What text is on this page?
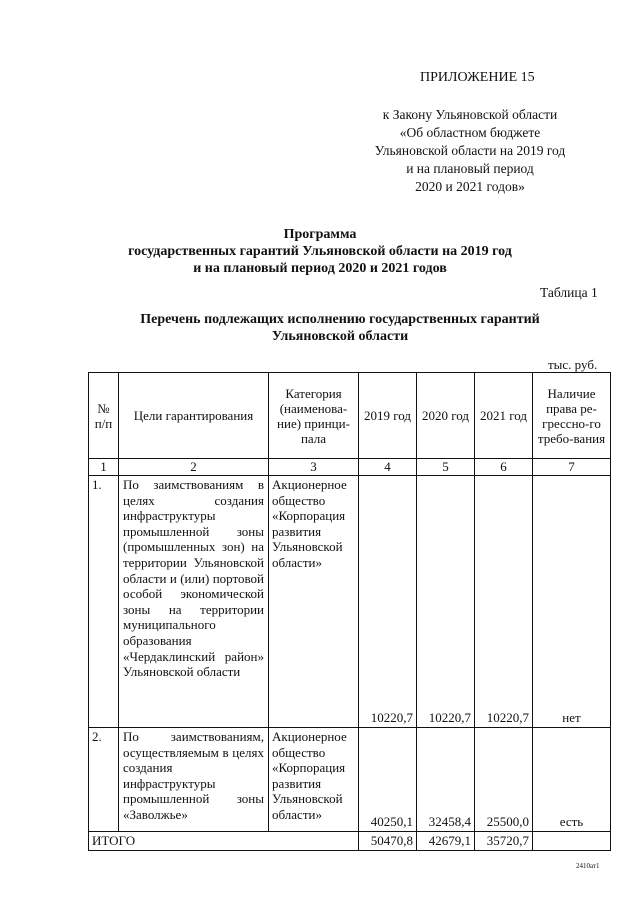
ПРИЛОЖЕНИЕ 15
к Закону Ульяновской области
«Об областном бюджете
Ульяновской области на 2019 год
и на плановый период
2020 и 2021 годов»
Программа
государственных гарантий Ульяновской области на 2019 год
и на плановый период 2020 и 2021 годов
Таблица 1
Перечень подлежащих исполнению государственных гарантий
Ульяновской области
тыс. руб.
№ п/п	Цели гарантирования	Категория (наименова-ние) принци-пала	2019 год	2020 год	2021 год	Наличие права ре-грессно-го требо-вания
1	2	3	4	5	6	7
1.	По заимствованиям в целях создания инфраструктуры промышленной зоны (промышленных зон) на территории Ульяновской области и (или) портовой особой экономической зоны на территории муниципального образования «Чердаклинский район» Ульяновской области	Акционерное общество «Корпорация развития Ульяновской области»	10220,7	10220,7	10220,7	нет
2.	По заимствованиям, осуществляемым в целях создания инфраструктуры промышленной зоны «Заволжье»	Акционерное общество «Корпорация развития Ульяновской области»	40250,1	32458,4	25500,0	есть
ИТОГО			50470,8	42679,1	35720,7	
2410ат1
